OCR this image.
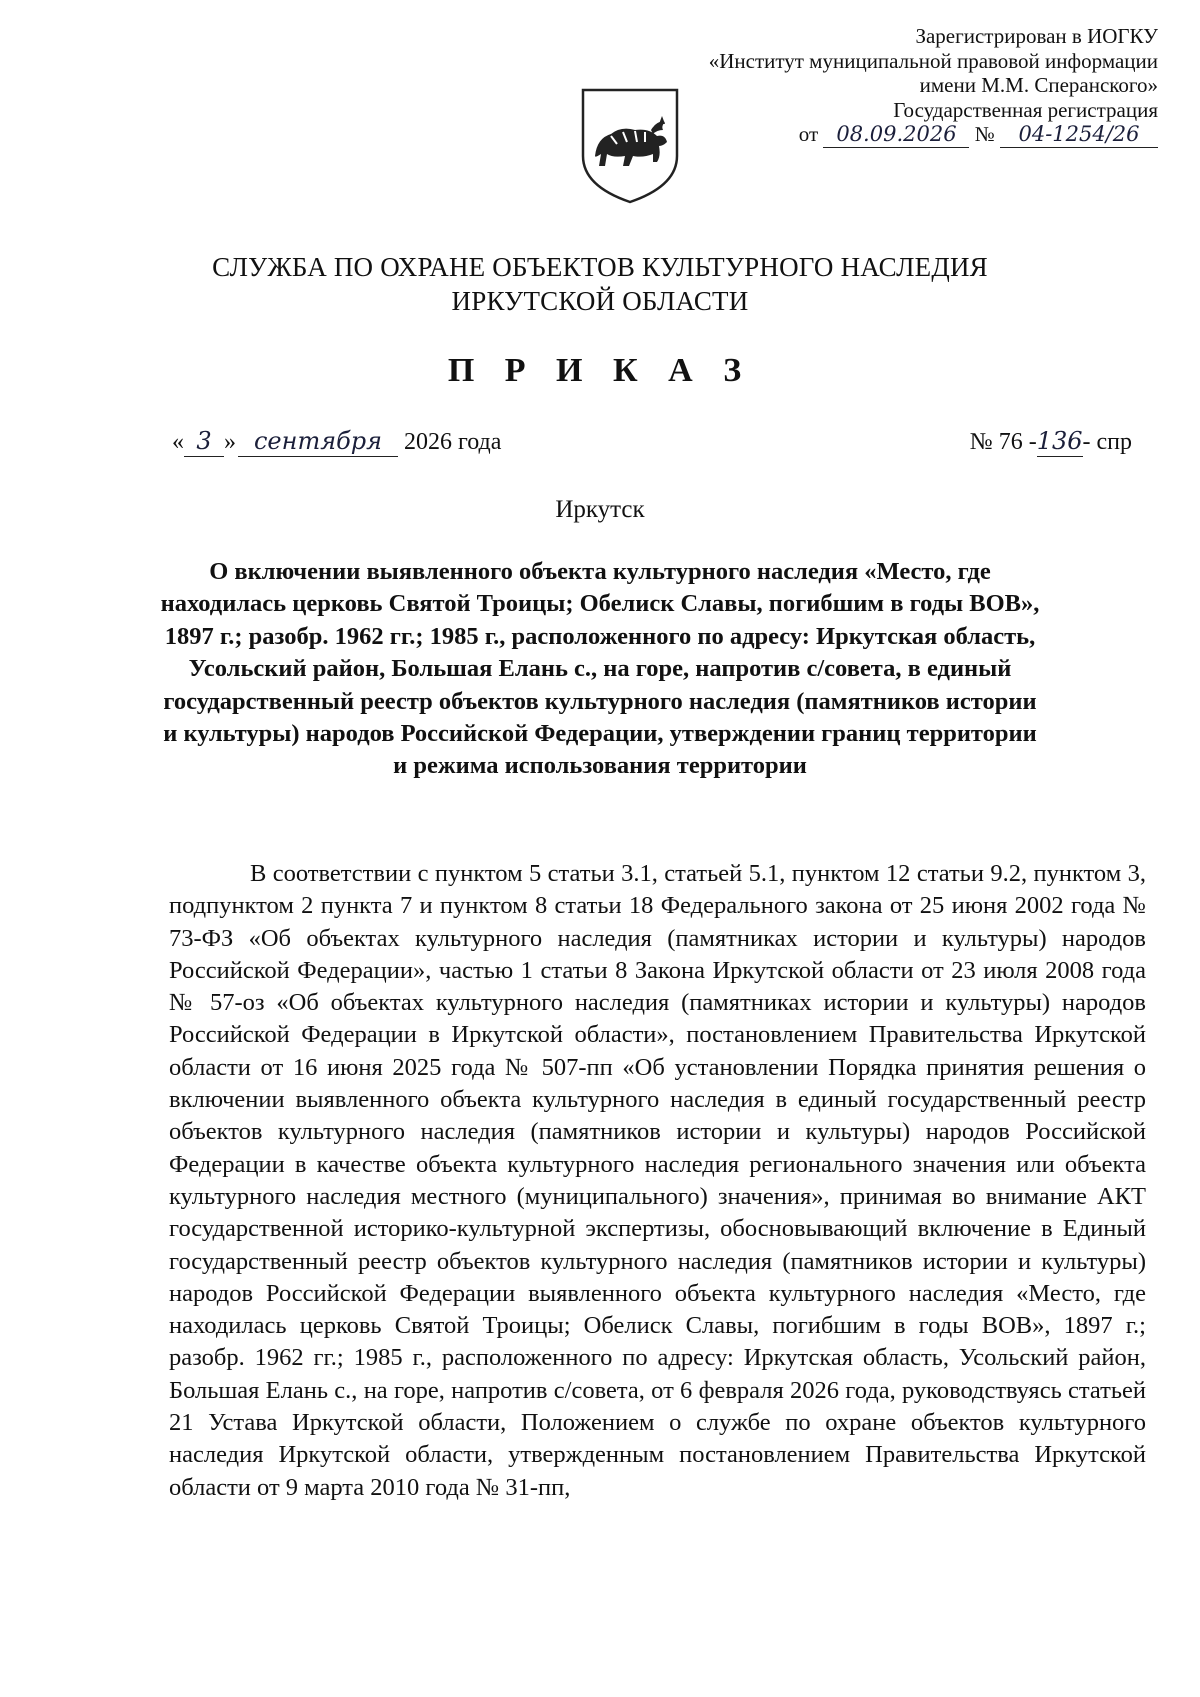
Зарегистрирован в ИОГКУ
«Институт муниципальной правовой информации
имени М.М. Сперанского»
Государственная регистрация
от 08.09.2026 № 04-1254/26
СЛУЖБА ПО ОХРАНЕ ОБЪЕКТОВ КУЛЬТУРНОГО НАСЛЕДИЯ
ИРКУТСКОЙ ОБЛАСТИ
П Р И К А З
« 3 » сентября 2026 года	№ 76 -136- спр
Иркутск
О включении выявленного объекта культурного наследия «Место, где находилась церковь Святой Троицы; Обелиск Славы, погибшим в годы ВОВ», 1897 г.; разобр. 1962 гг.; 1985 г., расположенного по адресу: Иркутская область, Усольский район, Большая Елань с., на горе, напротив с/совета, в единый государственный реестр объектов культурного наследия (памятников истории и культуры) народов Российской Федерации, утверждении границ территории и режима использования территории
В соответствии с пунктом 5 статьи 3.1, статьей 5.1, пунктом 12 статьи 9.2, пунктом 3, подпунктом 2 пункта 7 и пунктом 8 статьи 18 Федерального закона от 25 июня 2002 года № 73-ФЗ «Об объектах культурного наследия (памятниках истории и культуры) народов Российской Федерации», частью 1 статьи 8 Закона Иркутской области от 23 июля 2008 года № 57-оз «Об объектах культурного наследия (памятниках истории и культуры) народов Российской Федерации в Иркутской области», постановлением Правительства Иркутской области от 16 июня 2025 года № 507-пп «Об установлении Порядка принятия решения о включении выявленного объекта культурного наследия в единый государственный реестр объектов культурного наследия (памятников истории и культуры) народов Российской Федерации в качестве объекта культурного наследия регионального значения или объекта культурного наследия местного (муниципального) значения», принимая во внимание АКТ государственной историко-культурной экспертизы, обосновывающий включение в Единый государственный реестр объектов культурного наследия (памятников истории и культуры) народов Российской Федерации выявленного объекта культурного наследия «Место, где находилась церковь Святой Троицы; Обелиск Славы, погибшим в годы ВОВ», 1897 г.; разобр. 1962 гг.; 1985 г., расположенного по адресу: Иркутская область, Усольский район, Большая Елань с., на горе, напротив с/совета, от 6 февраля 2026 года, руководствуясь статьей 21 Устава Иркутской области, Положением о службе по охране объектов культурного наследия Иркутской области, утвержденным постановлением Правительства Иркутской области от 9 марта 2010 года № 31-пп,
